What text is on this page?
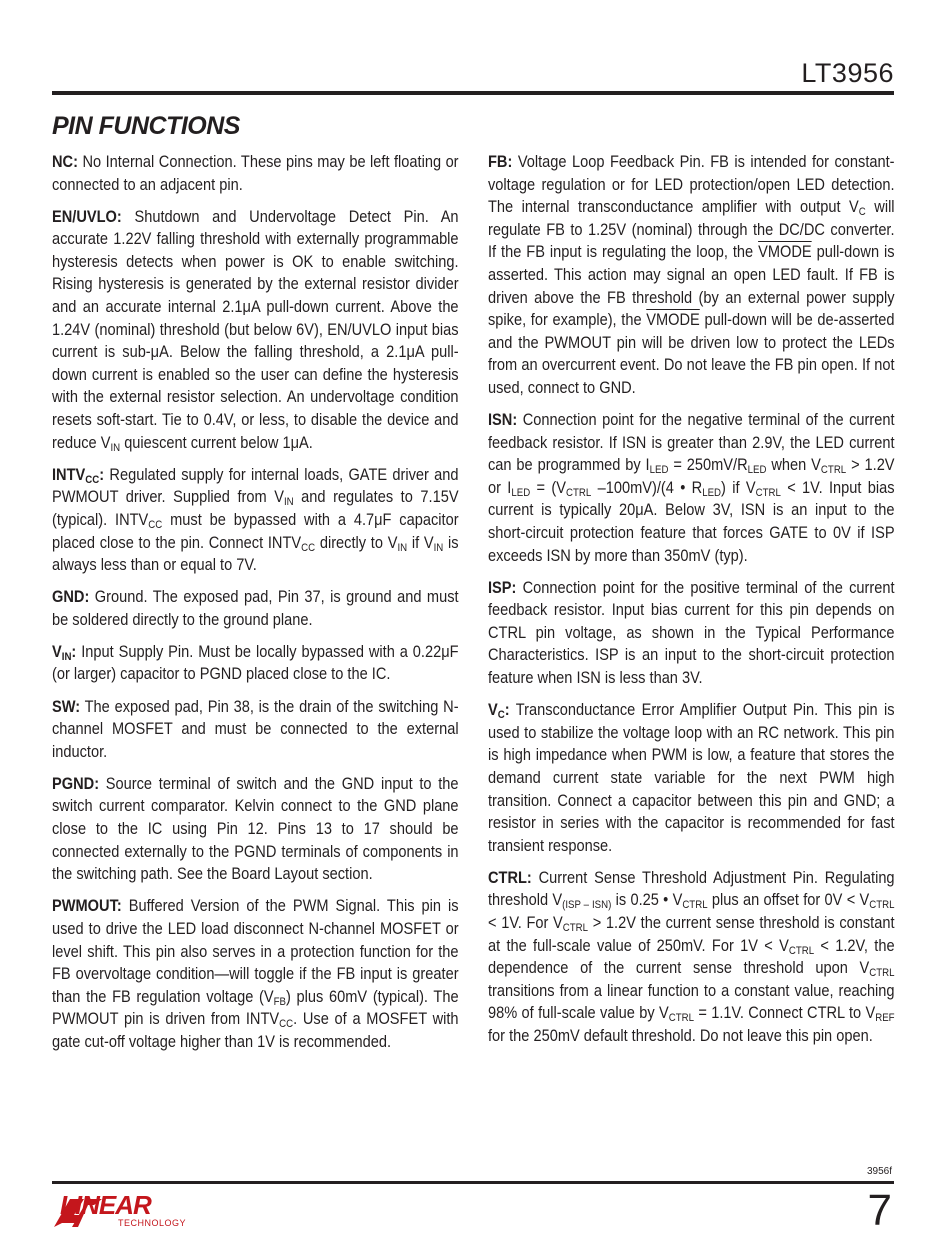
LT3956
PIN FUNCTIONS

NC: No Internal Connection. These pins may be left floating or connected to an adjacent pin.

EN/UVLO: Shutdown and Undervoltage Detect Pin. An accurate 1.22V falling threshold with externally programmable hysteresis detects when power is OK to enable switching. Rising hysteresis is generated by the external resistor divider and an accurate internal 2.1μA pull-down current. Above the 1.24V (nominal) threshold (but below 6V), EN/UVLO input bias current is sub-μA. Below the falling threshold, a 2.1μA pull-down current is enabled so the user can define the hysteresis with the external resistor selection. An undervoltage condition resets soft-start. Tie to 0.4V, or less, to disable the device and reduce $V_{IN}$ quiescent current below 1μA.

$INTV_{CC}$: Regulated supply for internal loads, GATE driver and PWMOUT driver. Supplied from $V_{IN}$ and regulates to 7.15V (typical). $INTV_{CC}$ must be bypassed with a 4.7μF capacitor placed close to the pin. Connect $INTV_{CC}$ directly to $V_{IN}$ if $V_{IN}$ is always less than or equal to 7V.

GND: Ground. The exposed pad, Pin 37, is ground and must be soldered directly to the ground plane.

$V_{IN}$: Input Supply Pin. Must be locally bypassed with a 0.22μF (or larger) capacitor to PGND placed close to the IC.

SW: The exposed pad, Pin 38, is the drain of the switching N-channel MOSFET and must be connected to the external inductor.

PGND: Source terminal of switch and the GND input to the switch current comparator. Kelvin connect to the GND plane close to the IC using Pin 12. Pins 13 to 17 should be connected externally to the PGND terminals of components in the switching path. See the Board Layout section.

PWMOUT: Buffered Version of the PWM Signal. This pin is used to drive the LED load disconnect N-channel MOSFET or level shift. This pin also serves in a protection function for the FB overvoltage condition—will toggle if the FB input is greater than the FB regulation voltage $(V_{FB})$ plus 60mV (typical). The PWMOUT pin is driven from $INTV_{CC}$. Use of a MOSFET with gate cut-off voltage higher than 1V is recommended.

FB: Voltage Loop Feedback Pin. FB is intended for constant-voltage regulation or for LED protection/open LED detection. The internal transconductance amplifier with output $V_C$ will regulate FB to 1.25V (nominal) through the DC/DC converter. If the FB input is regulating the loop, the VMODE pull-down is asserted. This action may signal an open LED fault. If FB is driven above the FB threshold (by an external power supply spike, for example), the VMODE pull-down will be de-asserted and the PWMOUT pin will be driven low to protect the LEDs from an overcurrent event. Do not leave the FB pin open. If not used, connect to GND.

ISN: Connection point for the negative terminal of the current feedback resistor. If ISN is greater than 2.9V, the LED current can be programmed by $I_{LED} = 250mV/R_{LED}$ when $V_{CTRL} > 1.2V$ or $I_{LED} = (V_{CTRL}$ –100mV)/(4 • $R_{LED}$) if $V_{CTRL} < 1V$. Input bias current is typically 20μA. Below 3V, ISN is an input to the short-circuit protection feature that forces GATE to 0V if ISP exceeds ISN by more than 350mV (typ).

ISP: Connection point for the positive terminal of the current feedback resistor. Input bias current for this pin depends on CTRL pin voltage, as shown in the Typical Performance Characteristics. ISP is an input to the short-circuit protection feature when ISN is less than 3V.

$V_C$: Transconductance Error Amplifier Output Pin. This pin is used to stabilize the voltage loop with an RC network. This pin is high impedance when PWM is low, a feature that stores the demand current state variable for the next PWM high transition. Connect a capacitor between this pin and GND; a resistor in series with the capacitor is recommended for fast transient response.

CTRL: Current Sense Threshold Adjustment Pin. Regulating threshold $V_{(ISP - ISN)}$ is 0.25 • $V_{CTRL}$ plus an offset for $0V < V_{CTRL} < 1V$. For $V_{CTRL} > 1.2V$ the current sense threshold is constant at the full-scale value of 250mV. For $1V < V_{CTRL} < 1.2V$, the dependence of the current sense threshold upon $V_{CTRL}$ transitions from a linear function to a constant value, reaching 98% of full-scale value by $V_{CTRL} = 1.1V$. Connect CTRL to $V_{REF}$ for the 250mV default threshold. Do not leave this pin open.

3956f
LINEAR
TECHNOLOGY	7
